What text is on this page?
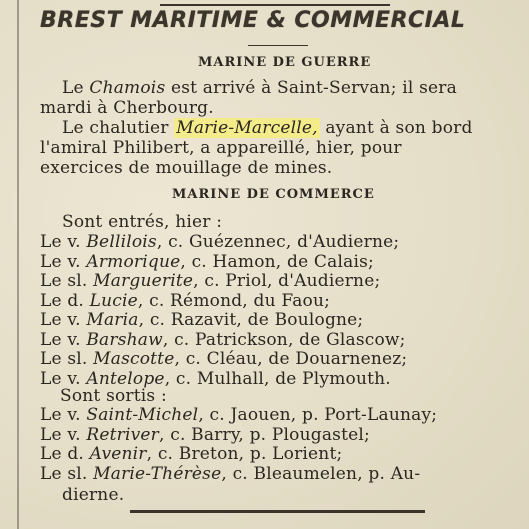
BREST MARITIME & COMMERCIAL
MARINE DE GUERRE
Le Chamois est arrivé à Saint-Servan; il sera
mardi à Cherbourg.
Le chalutier Marie-Marcelle, ayant à son bord
l'amiral Philibert, a appareillé, hier, pour
exercices de mouillage de mines.
MARINE DE COMMERCE
Sont entrés, hier :
Le v. Bellilois, c. Guézennec, d'Audierne;
Le v. Armorique, c. Hamon, de Calais;
Le sl. Marguerite, c. Priol, d'Audierne;
Le d. Lucie, c. Rémond, du Faou;
Le v. Maria, c. Razavit, de Boulogne;
Le v. Barshaw, c. Patrickson, de Glascow;
Le sl. Mascotte, c. Cléau, de Douarnenez;
Le v. Antelope, c. Mulhall, de Plymouth.
Sont sortis :
Le v. Saint-Michel, c. Jaouen, p. Port-Launay;
Le v. Retriver, c. Barry, p. Plougastel;
Le d. Avenir, c. Breton, p. Lorient;
Le sl. Marie-Thérèse, c. Bleaumelen, p. Au-
dierne.
